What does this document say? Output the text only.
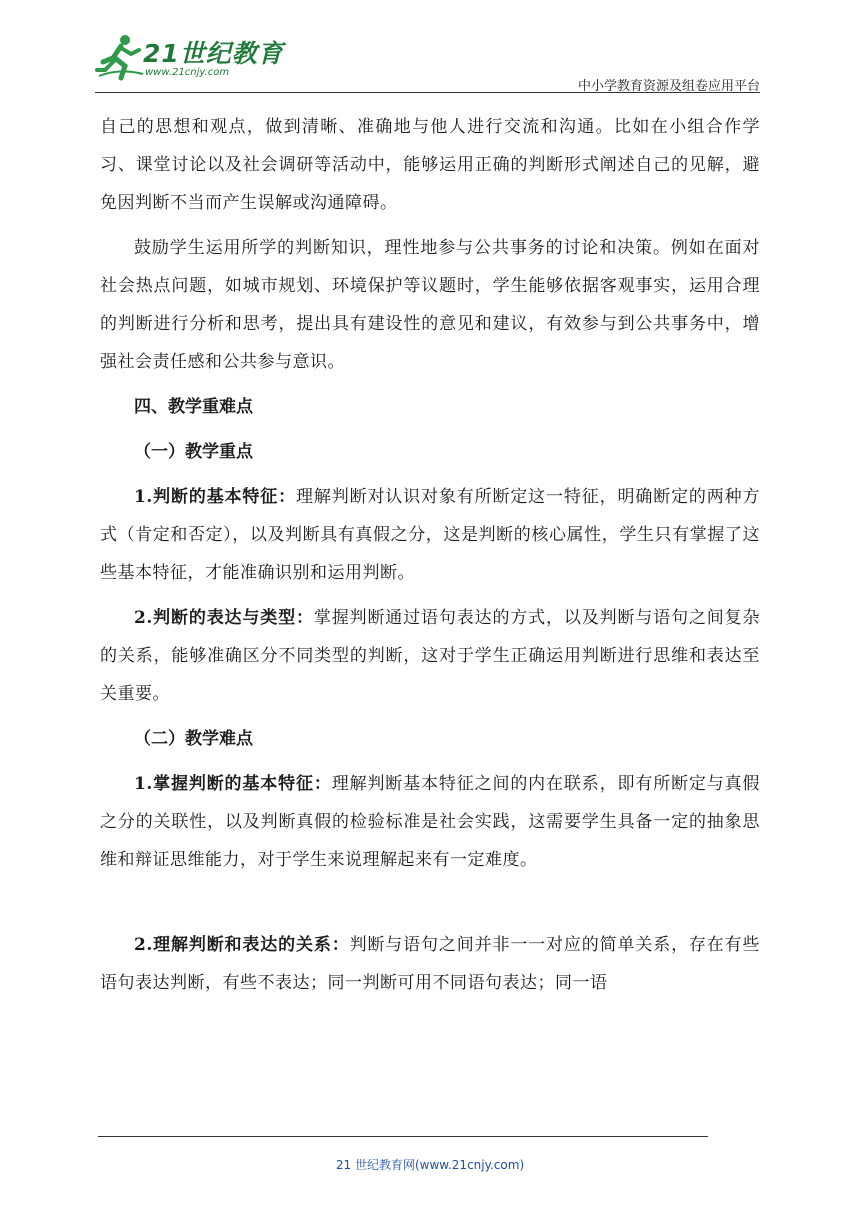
21世纪教育
www.21cnjy.com
中小学教育资源及组卷应用平台

自己的思想和观点，做到清晰、准确地与他人进行交流和沟通。比如在小组合作学习、课堂讨论以及社会调研等活动中，能够运用正确的判断形式阐述自己的见解，避免因判断不当而产生误解或沟通障碍。

鼓励学生运用所学的判断知识，理性地参与公共事务的讨论和决策。例如在面对社会热点问题，如城市规划、环境保护等议题时，学生能够依据客观事实，运用合理的判断进行分析和思考，提出具有建设性的意见和建议，有效参与到公共事务中，增强社会责任感和公共参与意识。

四、教学重难点
（一）教学重点

1.判断的基本特征：理解判断对认识对象有所断定这一特征，明确断定的两种方式（肯定和否定），以及判断具有真假之分，这是判断的核心属性，学生只有掌握了这些基本特征，才能准确识别和运用判断。

2.判断的表达与类型：掌握判断通过语句表达的方式，以及判断与语句之间复杂的关系，能够准确区分不同类型的判断，这对于学生正确运用判断进行思维和表达至关重要。

（二）教学难点

1.掌握判断的基本特征：理解判断基本特征之间的内在联系，即有所断定与真假之分的关联性，以及判断真假的检验标准是社会实践，这需要学生具备一定的抽象思维和辩证思维能力，对于学生来说理解起来有一定难度。

2.理解判断和表达的关系：判断与语句之间并非一一对应的简单关系，存在有些语句表达判断，有些不表达；同一判断可用不同语句表达；同一语

21 世纪教育网(www.21cnjy.com)
